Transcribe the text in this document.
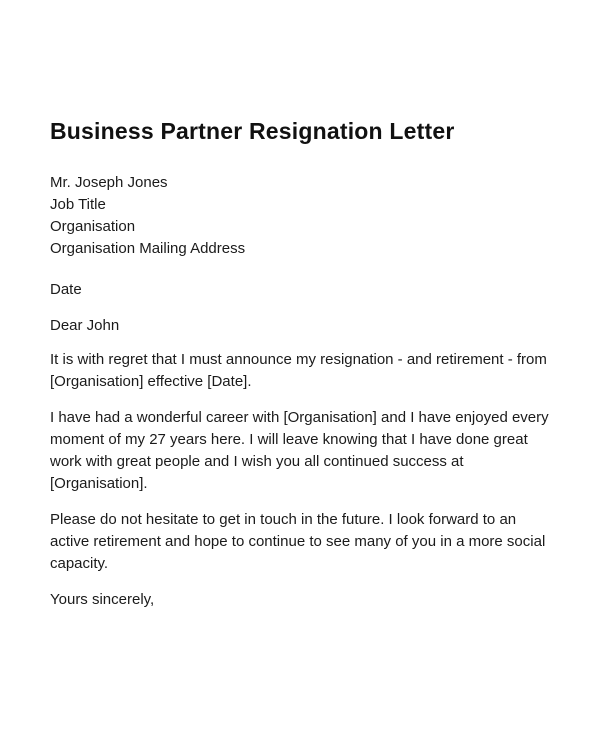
Business Partner Resignation Letter
Mr. Joseph Jones
Job Title
Organisation
Organisation Mailing Address
Date
Dear John

It is with regret that I must announce my resignation - and retirement - from [Organisation] effective [Date].

I have had a wonderful career with [Organisation] and I have enjoyed every moment of my 27 years here. I will leave knowing that I have done great work with great people and I wish you all continued success at [Organisation].

Please do not hesitate to get in touch in the future. I look forward to an active retirement and hope to continue to see many of you in a more social capacity.

Yours sincerely,
